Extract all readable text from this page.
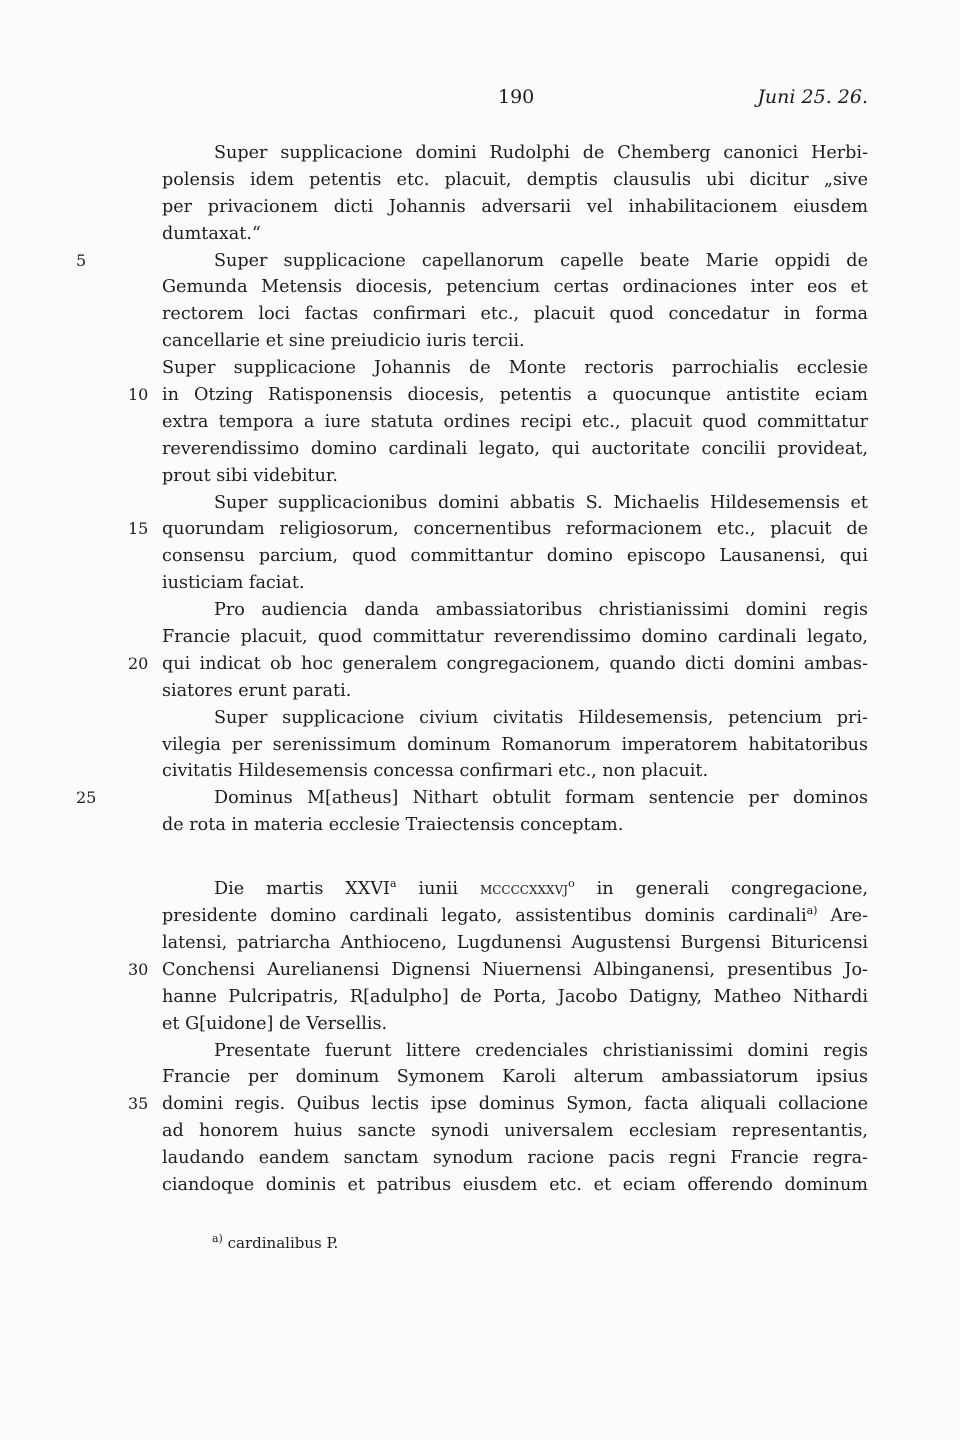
190	Juni 25. 26.
Super supplicacione domini Rudolphi de Chemberg canonici Herbi-
polensis idem petentis etc. placuit, demptis clausulis ubi dicitur „sive
per privacionem dicti Johannis adversarii vel inhabilitacionem eiusdem
dumtaxat.“
5	Super supplicacione capellanorum capelle beate Marie oppidi de
Gemunda Metensis diocesis, petencium certas ordinaciones inter eos et
rectorem loci factas confirmari etc., placuit quod concedatur in forma
cancellarie et sine preiudicio iuris tercii.
Super supplicacione Johannis de Monte rectoris parrochialis ecclesie
10 in Otzing Ratisponensis diocesis, petentis a quocunque antistite eciam
extra tempora a iure statuta ordines recipi etc., placuit quod committatur
reverendissimo domino cardinali legato, qui auctoritate concilii provideat,
prout sibi videbitur.
Super supplicacionibus domini abbatis S. Michaelis Hildesemensis et
15 quorundam religiosorum, concernentibus reformacionem etc., placuit de
consensu parcium, quod committantur domino episcopo Lausanensi, qui
iusticiam faciat.
Pro audiencia danda ambassiatoribus christianissimi domini regis
Francie placuit, quod committatur reverendissimo domino cardinali legato,
20 qui indicat ob hoc generalem congregacionem, quando dicti domini ambas-
siatores erunt parati.
Super supplicacione civium civitatis Hildesemensis, petencium pri-
vilegia per serenissimum dominum Romanorum imperatorem habitatoribus
civitatis Hildesemensis concessa confirmari etc., non placuit.
25	Dominus M[atheus] Nithart obtulit formam sentencie per dominos
de rota in materia ecclesie Traiectensis conceptam.
Die martis XXVI$^a$ iunii mccccxxxvj$^o$ in generali congregacione,
presidente domino cardinali legato, assistentibus dominis cardinali$^{a)}$ Are-
latensi, patriarcha Anthioceno, Lugdunensi Augustensi Burgensi Bituricensi
30 Conchensi Aurelianensi Dignensi Niuernensi Albinganensi, presentibus Jo-
hanne Pulcripatris, R[adulpho] de Porta, Jacobo Datigny, Matheo Nithardi
et G[uidone] de Versellis.
Presentate fuerunt littere credenciales christianissimi domini regis
Francie per dominum Symonem Karoli alterum ambassiatorum ipsius
35 domini regis. Quibus lectis ipse dominus Symon, facta aliquali collacione
ad honorem huius sancte synodi universalem ecclesiam representantis,
laudando eandem sanctam synodum racione pacis regni Francie regra-
ciandoque dominis et patribus eiusdem etc. et eciam offerendo dominum
$^{a)}$ cardinalibus P.
